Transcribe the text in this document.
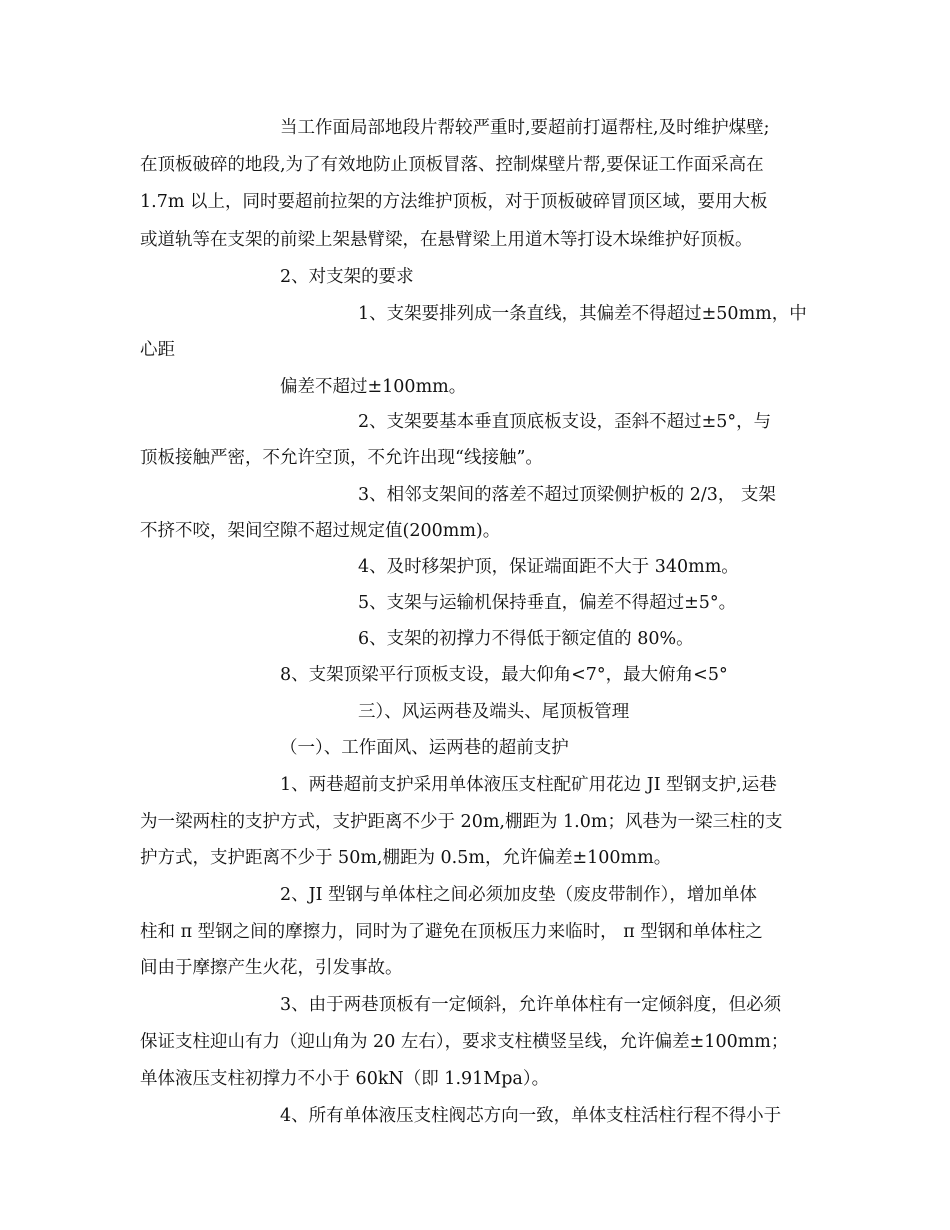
当工作面局部地段片帮较严重时,要超前打逼帮柱,及时维护煤壁;
在顶板破碎的地段,为了有效地防止顶板冒落、控制煤壁片帮,要保证工作面采高在
1.7m 以上，同时要超前拉架的方法维护顶板，对于顶板破碎冒顶区域，要用大板
或道轨等在支架的前梁上架悬臂梁，在悬臂梁上用道木等打设木垛维护好顶板。
2、对支架的要求
1、支架要排列成一条直线，其偏差不得超过±50mm，中
心距
偏差不超过±100mm。
2、支架要基本垂直顶底板支设，歪斜不超过±5°，与
顶板接触严密，不允许空顶，不允许出现“线接触”。
3、相邻支架间的落差不超过顶梁侧护板的 2/3， 支架
不挤不咬，架间空隙不超过规定值(200mm)。
4、及时移架护顶，保证端面距不大于 340mm。
5、支架与运输机保持垂直，偏差不得超过±5°。
6、支架的初撑力不得低于额定值的 80%。
8、支架顶梁平行顶板支设，最大仰角<7°，最大俯角<5°
三）、风运两巷及端头、尾顶板管理
（一）、工作面风、运两巷的超前支护
1、两巷超前支护采用单体液压支柱配矿用花边 JI 型钢支护,运巷
为一梁两柱的支护方式，支护距离不少于 20m,棚距为 1.0m；风巷为一梁三柱的支
护方式，支护距离不少于 50m,棚距为 0.5m，允许偏差±100mm。
2、JI 型钢与单体柱之间必须加皮垫（废皮带制作），增加单体
柱和 π 型钢之间的摩擦力，同时为了避免在顶板压力来临时， π 型钢和单体柱之
间由于摩擦产生火花，引发事故。
3、由于两巷顶板有一定倾斜，允许单体柱有一定倾斜度，但必须
保证支柱迎山有力（迎山角为 20 左右），要求支柱横竖呈线，允许偏差±100mm；
单体液压支柱初撑力不小于 60kN（即 1.91Mpa）。
4、所有单体液压支柱阀芯方向一致，单体支柱活柱行程不得小于
